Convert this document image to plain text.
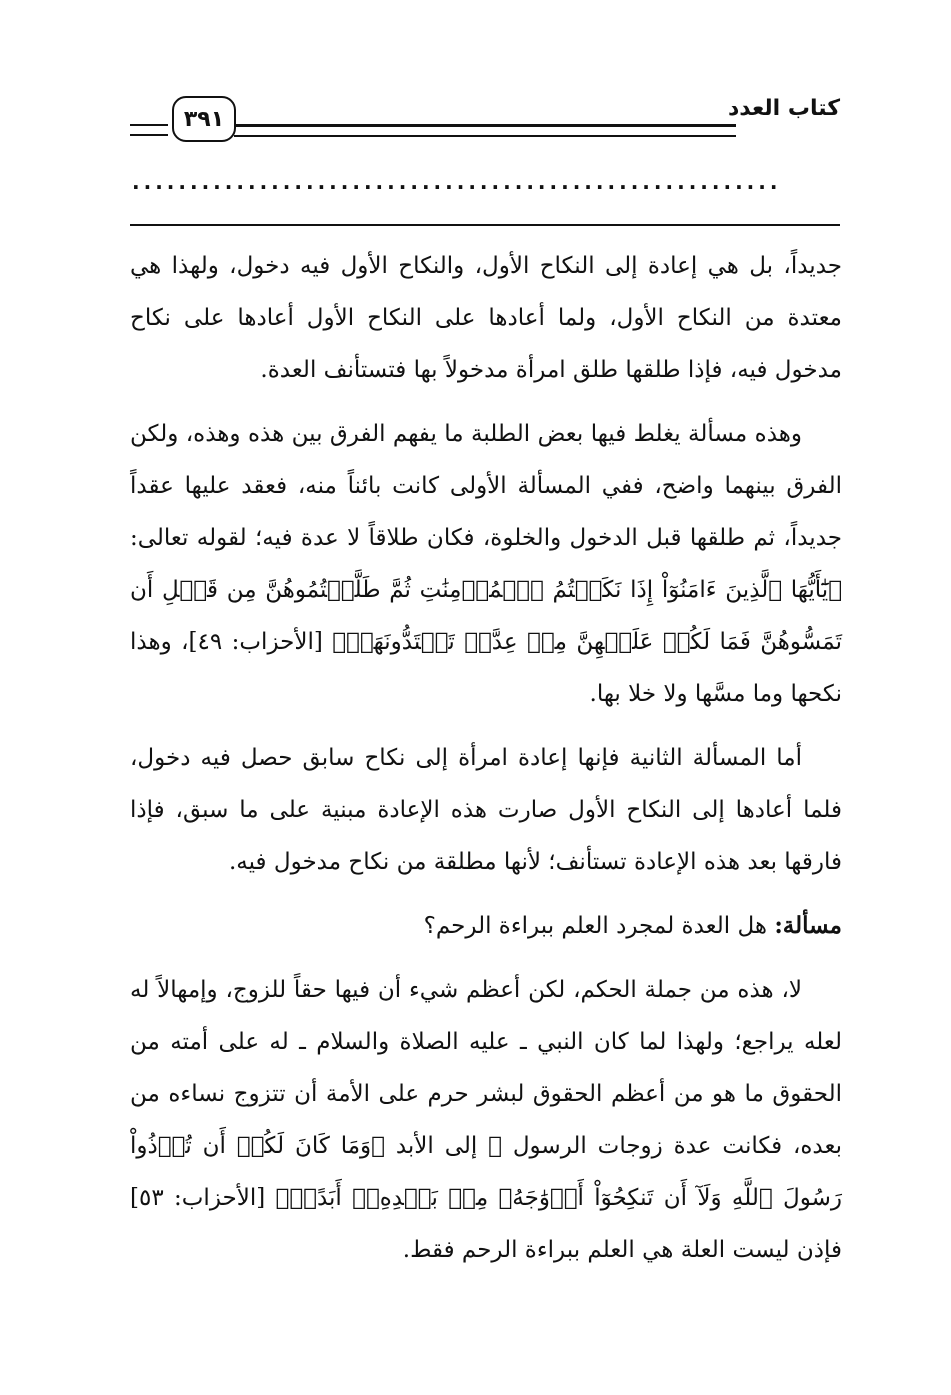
٣٩١	كتاب العدد
........................................................

جديداً، بل هي إعادة إلى النكاح الأول، والنكاح الأول فيه دخول، ولهذا هي معتدة من النكاح الأول، ولما أعادها على النكاح الأول أعادها على نكاح مدخول فيه، فإذا طلقها طلق امرأة مدخولاً بها فتستأنف العدة.

وهذه مسألة يغلط فيها بعض الطلبة ما يفهم الفرق بين هذه وهذه، ولكن الفرق بينهما واضح، ففي المسألة الأولى كانت بائناً منه، فعقد عليها عقداً جديداً، ثم طلقها قبل الدخول والخلوة، فكان طلاقاً لا عدة فيه؛ لقوله تعالى: ﴿يَٰٓأَيُّهَا ٱلَّذِينَ ءَامَنُوٓاْ إِذَا نَكَحۡتُمُ ٱلۡمُؤۡمِنَٰتِ ثُمَّ طَلَّقۡتُمُوهُنَّ مِن قَبۡلِ أَن تَمَسُّوهُنَّ فَمَا لَكُمۡ عَلَيۡهِنَّ مِنۡ عِدَّةٖ تَعۡتَدُّونَهَاۖ﴾ [الأحزاب: ٤٩]، وهذا نكحها وما مسَّها ولا خلا بها.

أما المسألة الثانية فإنها إعادة امرأة إلى نكاح سابق حصل فيه دخول، فلما أعادها إلى النكاح الأول صارت هذه الإعادة مبنية على ما سبق، فإذا فارقها بعد هذه الإعادة تستأنف؛ لأنها مطلقة من نكاح مدخول فيه.

مسألة: هل العدة لمجرد العلم ببراءة الرحم؟

لا، هذه من جملة الحكم، لكن أعظم شيء أن فيها حقاً للزوج، وإمهالاً له لعله يراجع؛ ولهذا لما كان النبي ـ عليه الصلاة والسلام ـ له على أمته من الحقوق ما هو من أعظم الحقوق لبشر حرم على الأمة أن تتزوج نساءه من بعده، فكانت عدة زوجات الرسول ﷺ إلى الأبد ﴿وَمَا كَانَ لَكُمۡ أَن تُؤۡذُواْ رَسُولَ ٱللَّهِ وَلَآ أَن تَنكِحُوٓاْ أَزۡوَٰجَهُۥ مِنۢ بَعۡدِهِۦٓ أَبَدًاۚ﴾ [الأحزاب: ٥٣] فإذن ليست العلة هي العلم ببراءة الرحم فقط.
